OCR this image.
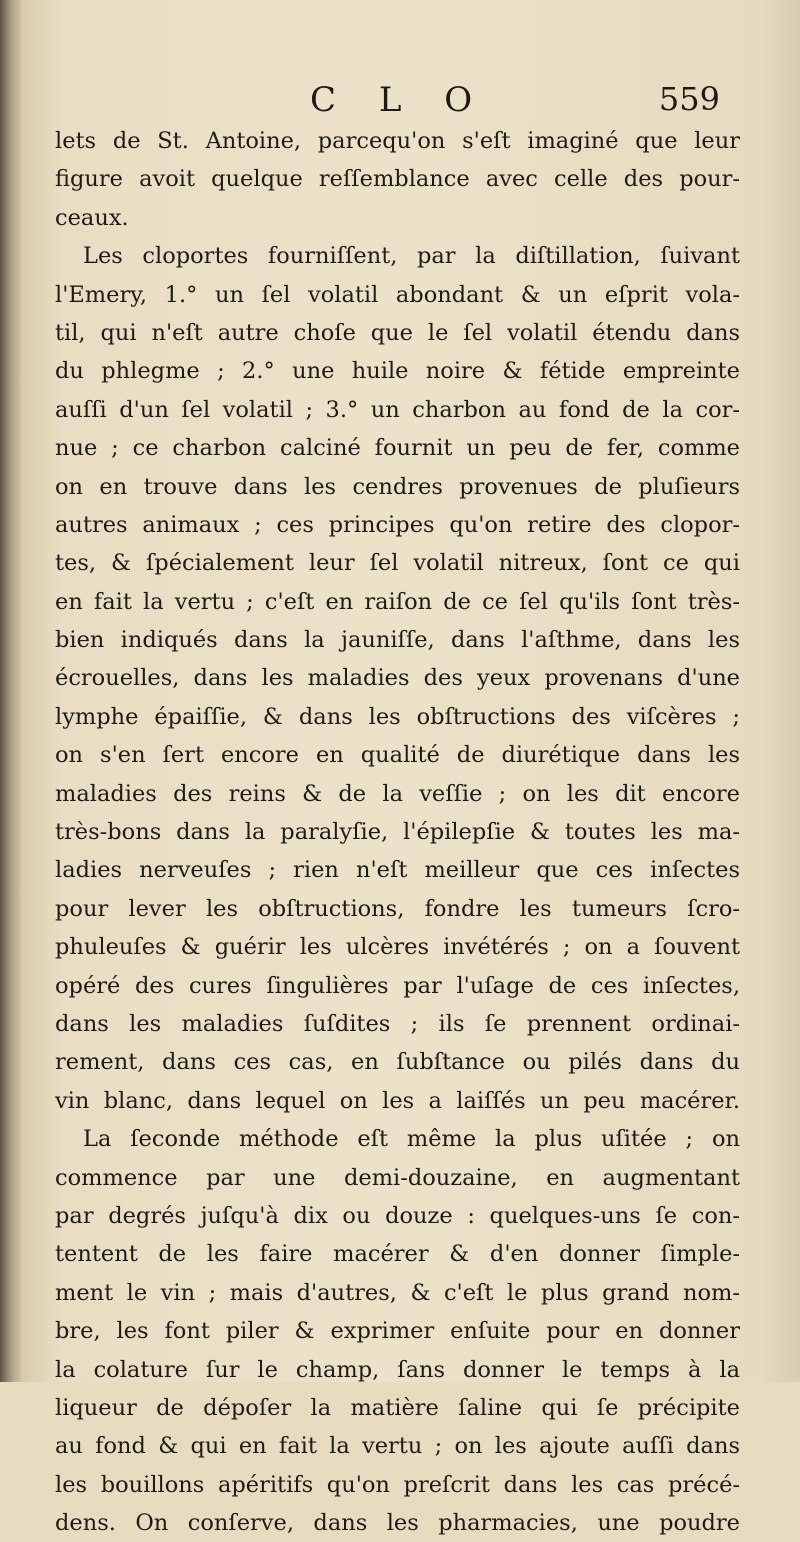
C L O	559
lets de St. Antoine, parcequ'on s'eſt imaginé que leur
figure avoit quelque reſſemblance avec celle des pour-
ceaux.
Les cloportes fourniſſent, par la diſtillation, ſuivant
l'Emery, 1.° un ſel volatil abondant & un eſprit vola-
til, qui n'eſt autre choſe que le ſel volatil étendu dans
du phlegme ; 2.° une huile noire & fétide empreinte
auſſi d'un ſel volatil ; 3.° un charbon au fond de la cor-
nue ; ce charbon calciné fournit un peu de fer, comme
on en trouve dans les cendres provenues de pluſieurs
autres animaux ; ces principes qu'on retire des clopor-
tes, & ſpécialement leur ſel volatil nitreux, ſont ce qui
en fait la vertu ; c'eſt en raiſon de ce ſel qu'ils ſont très-
bien indiqués dans la jauniſſe, dans l'aſthme, dans les
écrouelles, dans les maladies des yeux provenans d'une
lymphe épaiſſie, & dans les obſtructions des viſcères ;
on s'en ſert encore en qualité de diurétique dans les
maladies des reins & de la veſſie ; on les dit encore
très-bons dans la paralyſie, l'épilepſie & toutes les ma-
ladies nerveuſes ; rien n'eſt meilleur que ces inſectes
pour lever les obſtructions, fondre les tumeurs ſcro-
phuleuſes & guérir les ulcères invétérés ; on a ſouvent
opéré des cures ſingulières par l'uſage de ces inſectes,
dans les maladies ſuſdites ; ils ſe prennent ordinai-
rement, dans ces cas, en ſubſtance ou pilés dans du
vin blanc, dans lequel on les a laiſſés un peu macérer.
La ſeconde méthode eſt même la plus uſitée ; on
commence par une demi-douzaine, en augmentant
par degrés juſqu'à dix ou douze : quelques-uns ſe con-
tentent de les faire macérer & d'en donner ſimple-
ment le vin ; mais d'autres, & c'eſt le plus grand nom-
bre, les font piler & exprimer enſuite pour en donner
la colature ſur le champ, ſans donner le temps à la
liqueur de dépoſer la matière ſaline qui ſe précipite
au fond & qui en fait la vertu ; on les ajoute auſſi dans
les bouillons apéritifs qu'on preſcrit dans les cas précé-
dens. On conſerve, dans les pharmacies, une poudre
